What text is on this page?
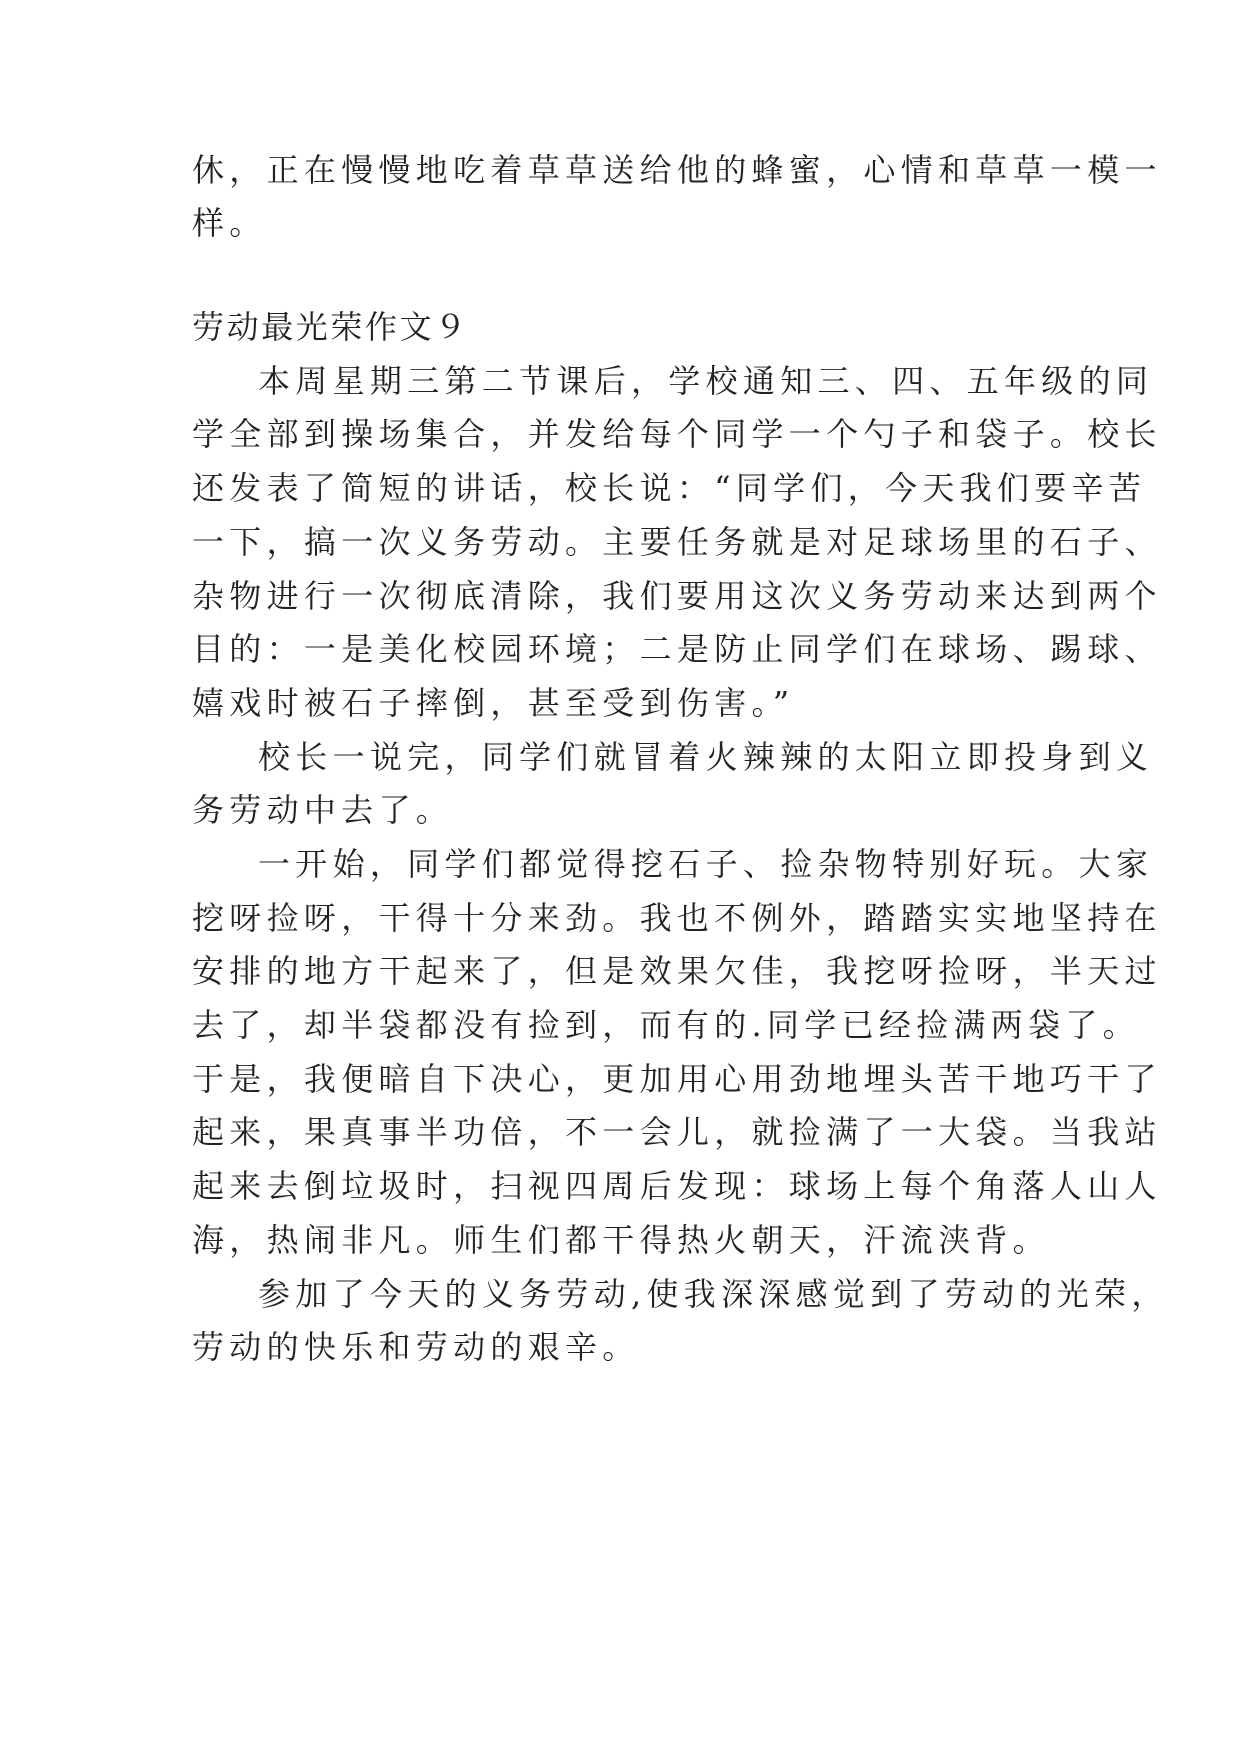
休，正在慢慢地吃着草草送给他的蜂蜜，心情和草草一模一
样。
劳动最光荣作文９
本周星期三第二节课后，学校通知三、四、五年级的同
学全部到操场集合，并发给每个同学一个勺子和袋子。校长
还发表了简短的讲话，校长说：“同学们，今天我们要辛苦
一下，搞一次义务劳动。主要任务就是对足球场里的石子、
杂物进行一次彻底清除，我们要用这次义务劳动来达到两个
目的：一是美化校园环境；二是防止同学们在球场、踢球、
嬉戏时被石子摔倒，甚至受到伤害。”
校长一说完，同学们就冒着火辣辣的太阳立即投身到义
务劳动中去了。
一开始，同学们都觉得挖石子、捡杂物特别好玩。大家
挖呀捡呀，干得十分来劲。我也不例外，踏踏实实地坚持在
安排的地方干起来了，但是效果欠佳，我挖呀捡呀，半天过
去了，却半袋都没有捡到，而有的.同学已经捡满两袋了。
于是，我便暗自下决心，更加用心用劲地埋头苦干地巧干了
起来，果真事半功倍，不一会儿，就捡满了一大袋。当我站
起来去倒垃圾时，扫视四周后发现：球场上每个角落人山人
海，热闹非凡。师生们都干得热火朝天，汗流浃背。
参加了今天的义务劳动,使我深深感觉到了劳动的光荣，
劳动的快乐和劳动的艰辛。
